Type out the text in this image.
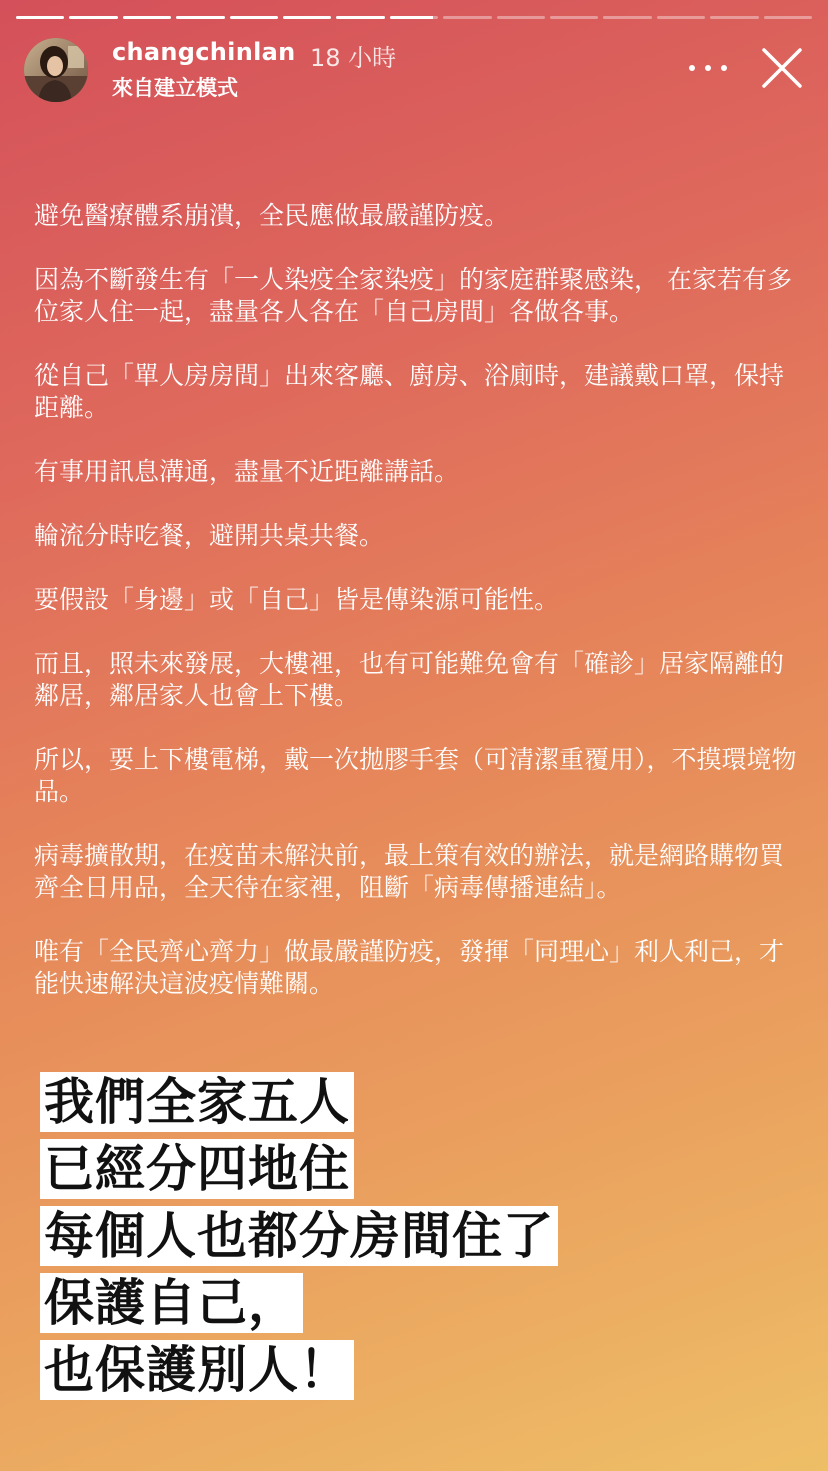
changchinlan 18 小時
來自建立模式

避免醫療體系崩潰，全民應做最嚴謹防疫。

因為不斷發生有「一人染疫全家染疫」的家庭群聚感染， 在家若有多位家人住一起，盡量各人各在「自己房間」各做各事。

從自己「單人房房間」出來客廳、廚房、浴廁時，建議戴口罩，保持距離。

有事用訊息溝通，盡量不近距離講話。

輪流分時吃餐，避開共桌共餐。

要假設「身邊」或「自己」皆是傳染源可能性。

而且，照未來發展，大樓裡，也有可能難免會有「確診」居家隔離的鄰居，鄰居家人也會上下樓。

所以，要上下樓電梯，戴一次拋膠手套（可清潔重覆用），不摸環境物品。

病毒擴散期，在疫苗未解決前，最上策有效的辦法，就是網路購物買齊全日用品，全天待在家裡，阻斷「病毒傳播連結」。

唯有「全民齊心齊力」做最嚴謹防疫，發揮「同理心」利人利己，才能快速解決這波疫情難關。

我們全家五人
已經分四地住
每個人也都分房間住了
保護自己，
也保護別人！
